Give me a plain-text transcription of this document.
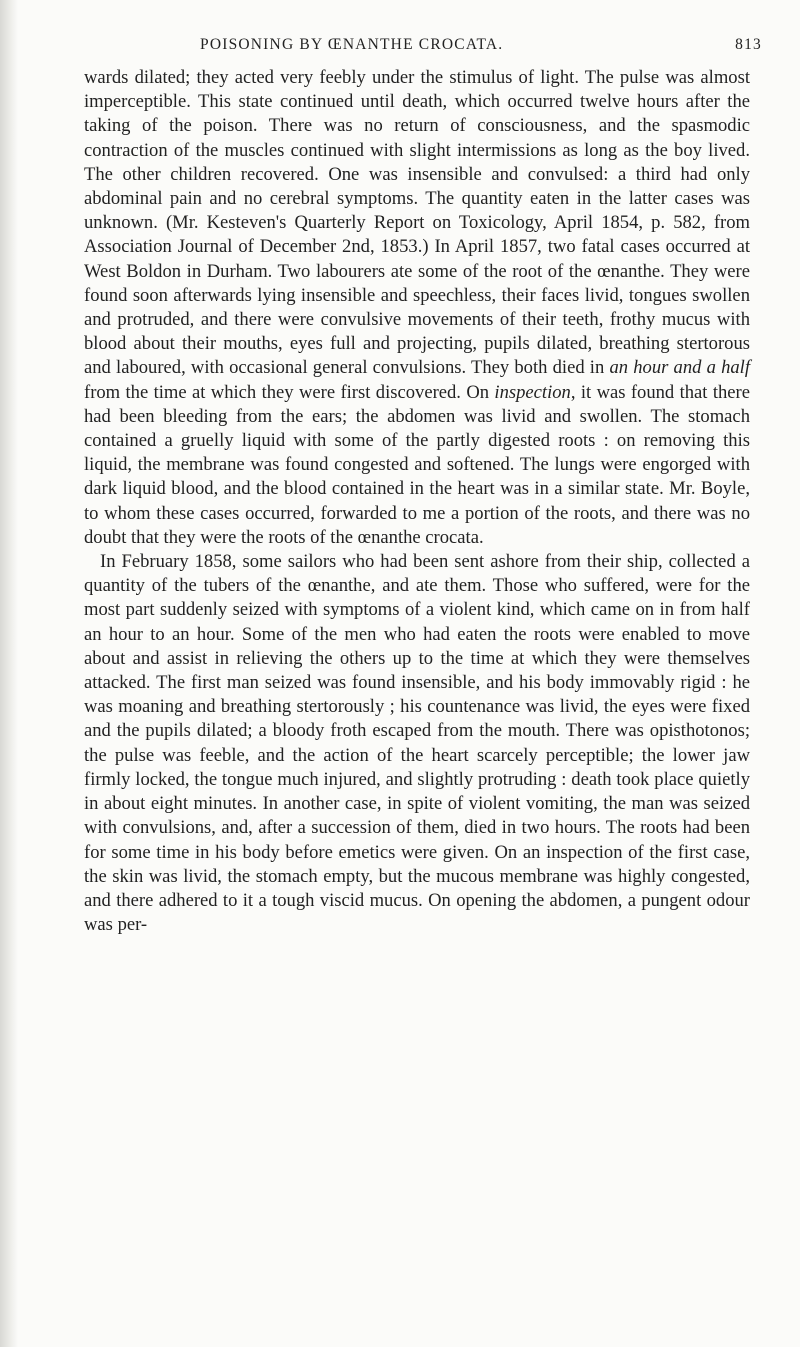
POISONING BY ŒNANTHE CROCATA.	813

wards dilated; they acted very feebly under the stimulus of light. The pulse was almost imperceptible. This state continued until death, which occurred twelve hours after the taking of the poison. There was no return of consciousness, and the spasmodic contraction of the muscles continued with slight intermissions as long as the boy lived. The other children recovered. One was insensible and convulsed: a third had only abdominal pain and no cerebral symptoms. The quantity eaten in the latter cases was unknown. (Mr. Kesteven's Quarterly Report on Toxicology, April 1854, p. 582, from Association Journal of December 2nd, 1853.) In April 1857, two fatal cases occurred at West Boldon in Durham. Two labourers ate some of the root of the œnanthe. They were found soon afterwards lying insensible and speechless, their faces livid, tongues swollen and protruded, and there were convulsive movements of their teeth, frothy mucus with blood about their mouths, eyes full and projecting, pupils dilated, breathing stertorous and laboured, with occasional general convulsions. They both died in an hour and a half from the time at which they were first discovered. On inspection, it was found that there had been bleeding from the ears; the abdomen was livid and swollen. The stomach contained a gruelly liquid with some of the partly digested roots : on removing this liquid, the membrane was found congested and softened. The lungs were engorged with dark liquid blood, and the blood contained in the heart was in a similar state. Mr. Boyle, to whom these cases occurred, forwarded to me a portion of the roots, and there was no doubt that they were the roots of the œnanthe crocata.

In February 1858, some sailors who had been sent ashore from their ship, collected a quantity of the tubers of the œnanthe, and ate them. Those who suffered, were for the most part suddenly seized with symptoms of a violent kind, which came on in from half an hour to an hour. Some of the men who had eaten the roots were enabled to move about and assist in relieving the others up to the time at which they were themselves attacked. The first man seized was found insensible, and his body immovably rigid : he was moaning and breathing stertorously ; his countenance was livid, the eyes were fixed and the pupils dilated; a bloody froth escaped from the mouth. There was opisthotonos; the pulse was feeble, and the action of the heart scarcely perceptible; the lower jaw firmly locked, the tongue much injured, and slightly protruding : death took place quietly in about eight minutes. In another case, in spite of violent vomiting, the man was seized with convulsions, and, after a succession of them, died in two hours. The roots had been for some time in his body before emetics were given. On an inspection of the first case, the skin was livid, the stomach empty, but the mucous membrane was highly congested, and there adhered to it a tough viscid mucus. On opening the abdomen, a pungent odour was per-
